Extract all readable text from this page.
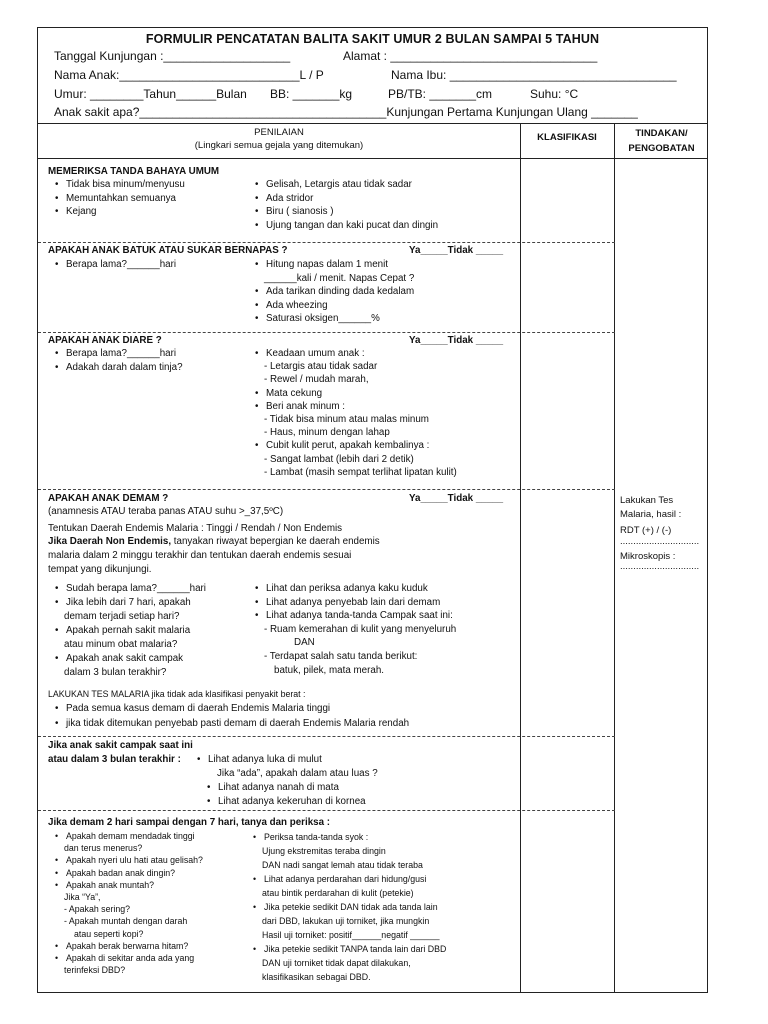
FORMULIR PENCATATAN BALITA SAKIT UMUR 2 BULAN SAMPAI 5 TAHUN
Tanggal Kunjungan :___________________	Alamat : _______________________________
Nama Anak:___________________________L / P	Nama Ibu: __________________________________
Umur: ________Tahun______Bulan BB: _______kg	PB/TB: _______cm	Suhu: °C
Anak sakit apa?_____________________________________Kunjungan Pertama Kunjungan Ulang _______
PENILAIAN
(Lingkari semua gejala yang ditemukan)
KLASIFIKASI	TINDAKAN/
PENGOBATAN
MEMERIKSA TANDA BAHAYA UMUM
• Tidak bisa minum/menyusu
• Memuntahkan semuanya
• Kejang
• Gelisah, Letargis atau tidak sadar
• Ada stridor
• Biru ( sianosis )
• Ujung tangan dan kaki pucat dan dingin
APAKAH ANAK BATUK ATAU SUKAR BERNAPAS ?	Ya_____Tidak _____
• Berapa lama?______hari	• Hitung napas dalam 1 menit
______kali / menit. Napas Cepat ?
• Ada tarikan dinding dada kedalam
• Ada wheezing
• Saturasi oksigen______%
APAKAH ANAK DIARE ?	Ya_____Tidak _____
• Berapa lama?______hari
• Adakah darah dalam tinja?
• Keadaan umum anak :
- Letargis atau tidak sadar
- Rewel / mudah marah,
• Mata cekung
• Beri anak minum :
- Tidak bisa minum atau malas minum
- Haus, minum dengan lahap
• Cubit kulit perut, apakah kembalinya :
- Sangat lambat (lebih dari 2 detik)
- Lambat (masih sempat terlihat lipatan kulit)
APAKAH ANAK DEMAM ?	Ya_____Tidak _____
(anamnesis ATAU teraba panas ATAU suhu >_37,5ºC)
Tentukan Daerah Endemis Malaria : Tinggi / Rendah / Non Endemis
Jika Daerah Non Endemis, tanyakan riwayat bepergian ke daerah endemis
malaria dalam 2 minggu terakhir dan tentukan daerah endemis sesuai
tempat yang dikunjungi.
• Sudah berapa lama?______hari
• Jika lebih dari 7 hari, apakah
demam terjadi setiap hari?
• Apakah pernah sakit malaria
atau minum obat malaria?
• Apakah anak sakit campak
dalam 3 bulan terakhir?
• Lihat dan periksa adanya kaku kuduk
• Lihat adanya penyebab lain dari demam
• Lihat adanya tanda-tanda Campak saat ini:
- Ruam kemerahan di kulit yang menyeluruh
DAN
- Terdapat salah satu tanda berikut:
batuk, pilek, mata merah.
LAKUKAN TES MALARIA jika tidak ada klasifikasi penyakit berat :
• Pada semua kasus demam di daerah Endemis Malaria tinggi
• jika tidak ditemukan penyebab pasti demam di daerah Endemis Malaria rendah
Lakukan Tes Malaria, hasil :
RDT (+) / (-)
..............................
Mikroskopis :
..............................
Jika anak sakit campak saat ini
atau dalam 3 bulan terakhir :	• Lihat adanya luka di mulut
Jika “ada”, apakah dalam atau luas ?
• Lihat adanya nanah di mata
• Lihat adanya kekeruhan di kornea
Jika demam 2 hari sampai dengan 7 hari, tanya dan periksa :
• Apakah demam mendadak tinggi
dan terus menerus?
• Apakah nyeri ulu hati atau gelisah?
• Apakah badan anak dingin?
• Apakah anak muntah?
Jika “Ya”,
- Apakah sering?
- Apakah muntah dengan darah
atau seperti kopi?
• Apakah berak berwarna hitam?
• Apakah di sekitar anda ada yang
terinfeksi DBD?
• Periksa tanda-tanda syok :
Ujung ekstremitas teraba dingin
DAN nadi sangat lemah atau tidak teraba
• Lihat adanya perdarahan dari hidung/gusi
atau bintik perdarahan di kulit (petekie)
• Jika petekie sedikit DAN tidak ada tanda lain
dari DBD, lakukan uji torniket, jika mungkin
Hasil uji torniket: positif______negatif ______
• Jika petekie sedikit TANPA tanda lain dari DBD
DAN uji torniket tidak dapat dilakukan,
klasifikasikan sebagai DBD.
